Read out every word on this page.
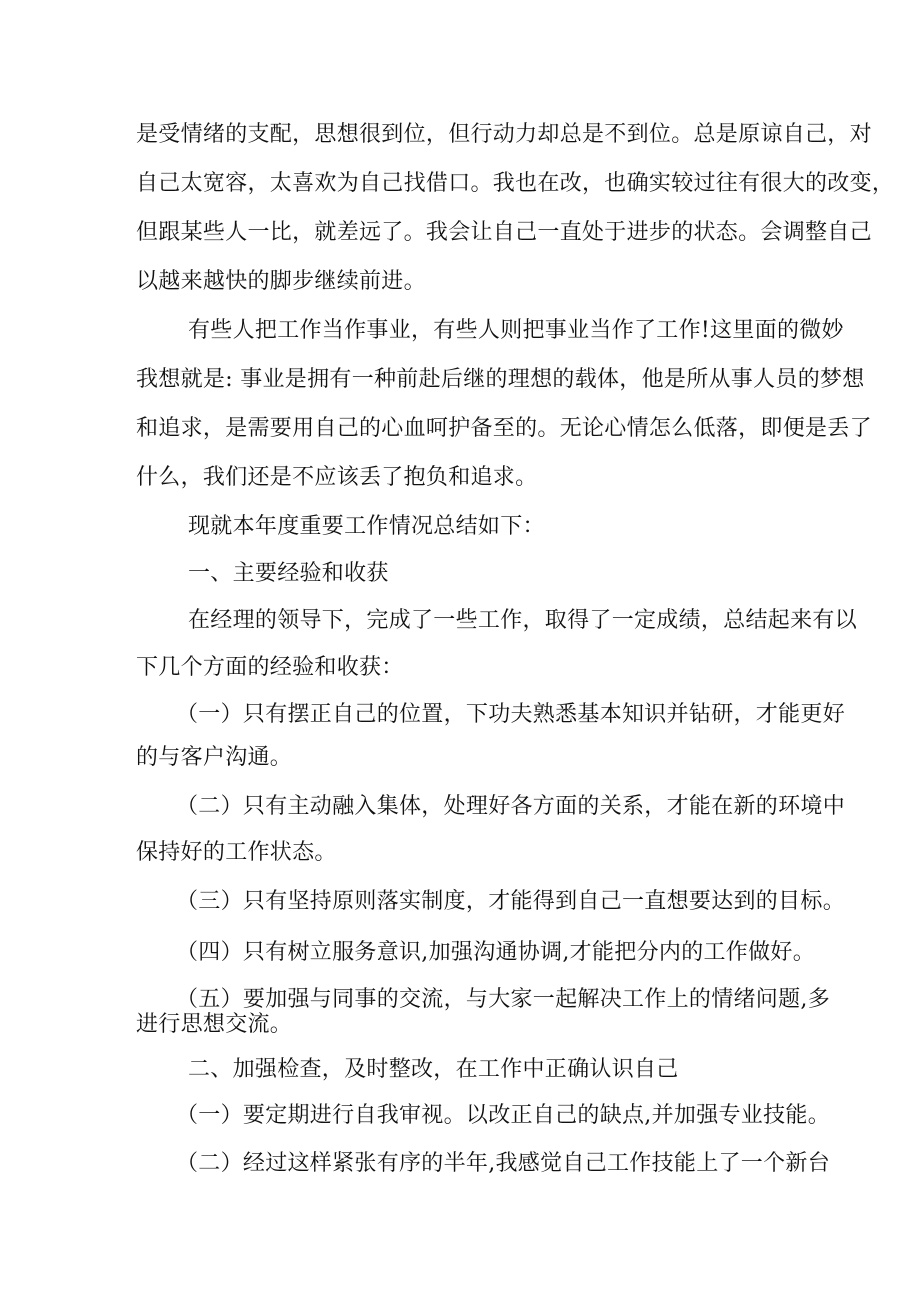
是受情绪的支配，思想很到位，但行动力却总是不到位。总是原谅自己，对
自己太宽容，太喜欢为自己找借口。我也在改，也确实较过往有很大的改变，
但跟某些人一比，就差远了。我会让自己一直处于进步的状态。会调整自己
以越来越快的脚步继续前进。
有些人把工作当作事业，有些人则把事业当作了工作!这里面的微妙
我想就是: 事业是拥有一种前赴后继的理想的载体，他是所从事人员的梦想
和追求，是需要用自己的心血呵护备至的。无论心情怎么低落，即便是丢了
什么，我们还是不应该丢了抱负和追求。
现就本年度重要工作情况总结如下：
一、主要经验和收获
在经理的领导下，完成了一些工作，取得了一定成绩，总结起来有以
下几个方面的经验和收获：
（一）只有摆正自己的位置，下功夫熟悉基本知识并钻研，才能更好
的与客户沟通。
（二）只有主动融入集体，处理好各方面的关系，才能在新的环境中
保持好的工作状态。
（三）只有坚持原则落实制度，才能得到自己一直想要达到的目标。
（四）只有树立服务意识,加强沟通协调,才能把分内的工作做好。
（五）要加强与同事的交流，与大家一起解决工作上的情绪问题,多
进行思想交流。
二、加强检查，及时整改，在工作中正确认识自己
（一）要定期进行自我审视。以改正自己的缺点,并加强专业技能。
（二）经过这样紧张有序的半年,我感觉自己工作技能上了一个新台
